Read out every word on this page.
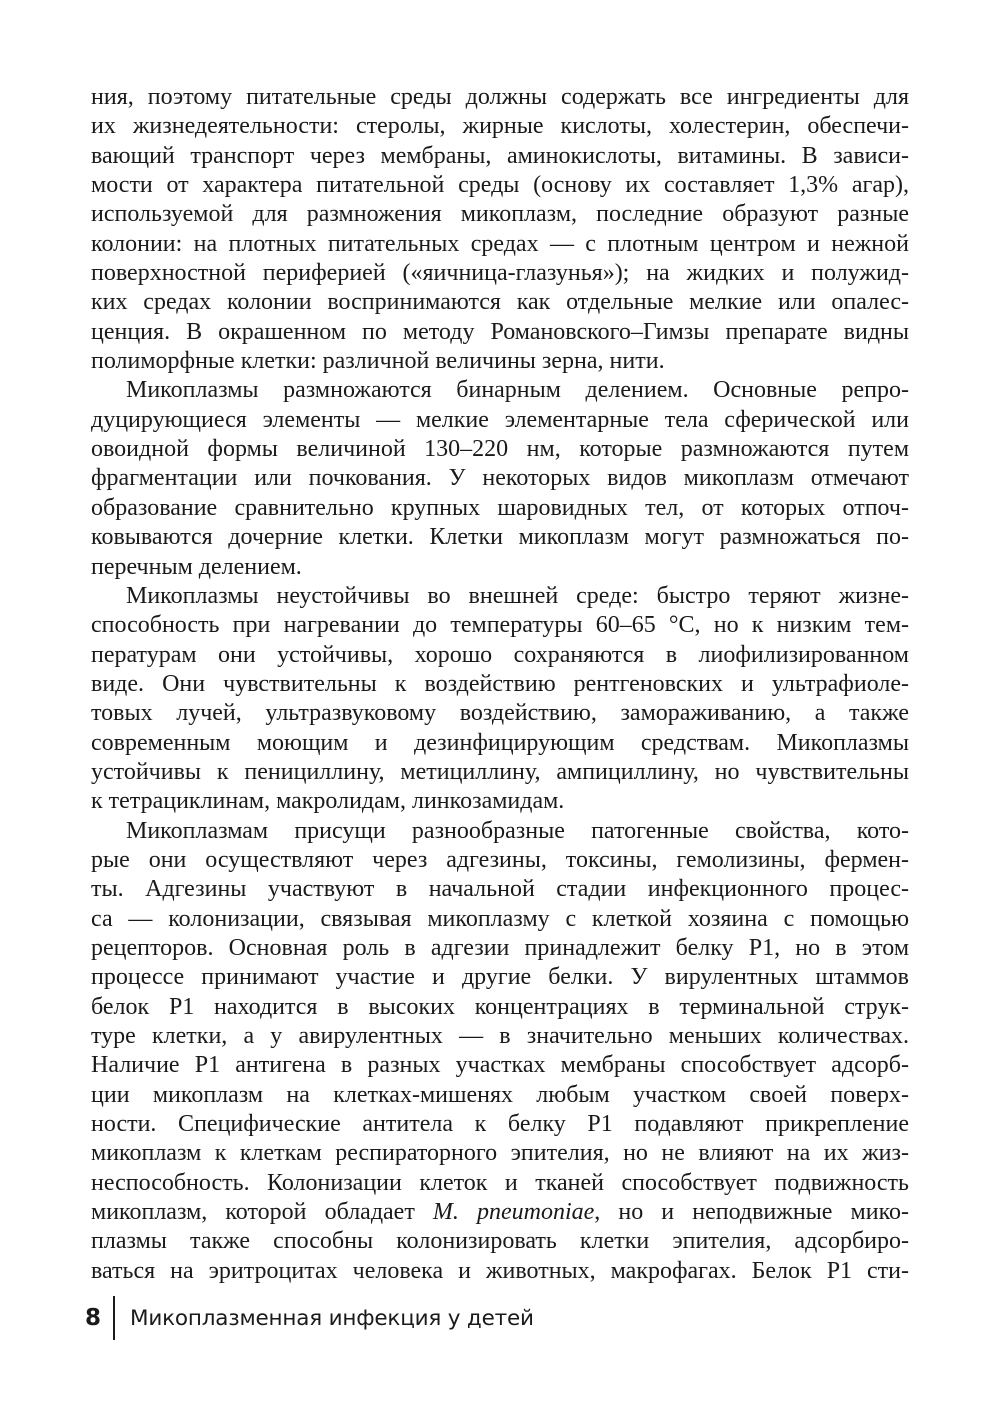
ния, поэтому питательные среды должны содержать все ингредиенты для

их жизнедеятельности: стеролы, жирные кислоты, холестерин, обеспечи-

вающий транспорт через мембраны, аминокислоты, витамины. В зависи-

мости от характера питательной среды (основу их составляет 1,3% агар),

используемой для размножения микоплазм, последние образуют разные

колонии: на плотных питательных средах — с плотным центром и нежной

поверхностной периферией («яичница-глазунья»); на жидких и полужид-

ких средах колонии воспринимаются как отдельные мелкие или опалес-

ценция. В окрашенном по методу Романовского–Гимзы препарате видны

полиморфные клетки: различной величины зерна, нити.

Микоплазмы размножаются бинарным делением. Основные репро-

дуцирующиеся элементы — мелкие элементарные тела сферической или

овоидной формы величиной 130–220 нм, которые размножаются путем

фрагментации или почкования. У некоторых видов микоплазм отмечают

образование сравнительно крупных шаровидных тел, от которых отпоч-

ковываются дочерние клетки. Клетки микоплазм могут размножаться по-

перечным делением.

Микоплазмы неустойчивы во внешней среде: быстро теряют жизне-

способность при нагревании до температуры 60–65 °С, но к низким тем-

пературам они устойчивы, хорошо сохраняются в лиофилизированном

виде. Они чувствительны к воздействию рентгеновских и ультрафиоле-

товых лучей, ультразвуковому воздействию, замораживанию, а также

современным моющим и дезинфицирующим средствам. Микоплазмы

устойчивы к пенициллину, метициллину, ампициллину, но чувствительны

к тетрациклинам, макролидам, линкозамидам.

Микоплазмам присущи разнообразные патогенные свойства, кото-

рые они осуществляют через адгезины, токсины, гемолизины, фермен-

ты. Адгезины участвуют в начальной стадии инфекционного процес-

са — колонизации, связывая микоплазму с клеткой хозяина с помощью

рецепторов. Основная роль в адгезии принадлежит белку Р1, но в этом

процессе принимают участие и другие белки. У вирулентных штаммов

белок Р1 находится в высоких концентрациях в терминальной струк-

туре клетки, а у авирулентных — в значительно меньших количествах.

Наличие Р1 антигена в разных участках мембраны способствует адсорб-

ции микоплазм на клетках-мишенях любым участком своей поверх-

ности. Специфические антитела к белку Р1 подавляют прикрепление

микоплазм к клеткам респираторного эпителия, но не влияют на их жиз-

неспособность. Колонизации клеток и тканей способствует подвижность

микоплазм, которой обладает M. pneumoniae, но и неподвижные мико-

плазмы также способны колонизировать клетки эпителия, адсорбиро-

ваться на эритроцитах человека и животных, макрофагах. Белок Р1 сти-

8 Микоплазменная инфекция у детей
